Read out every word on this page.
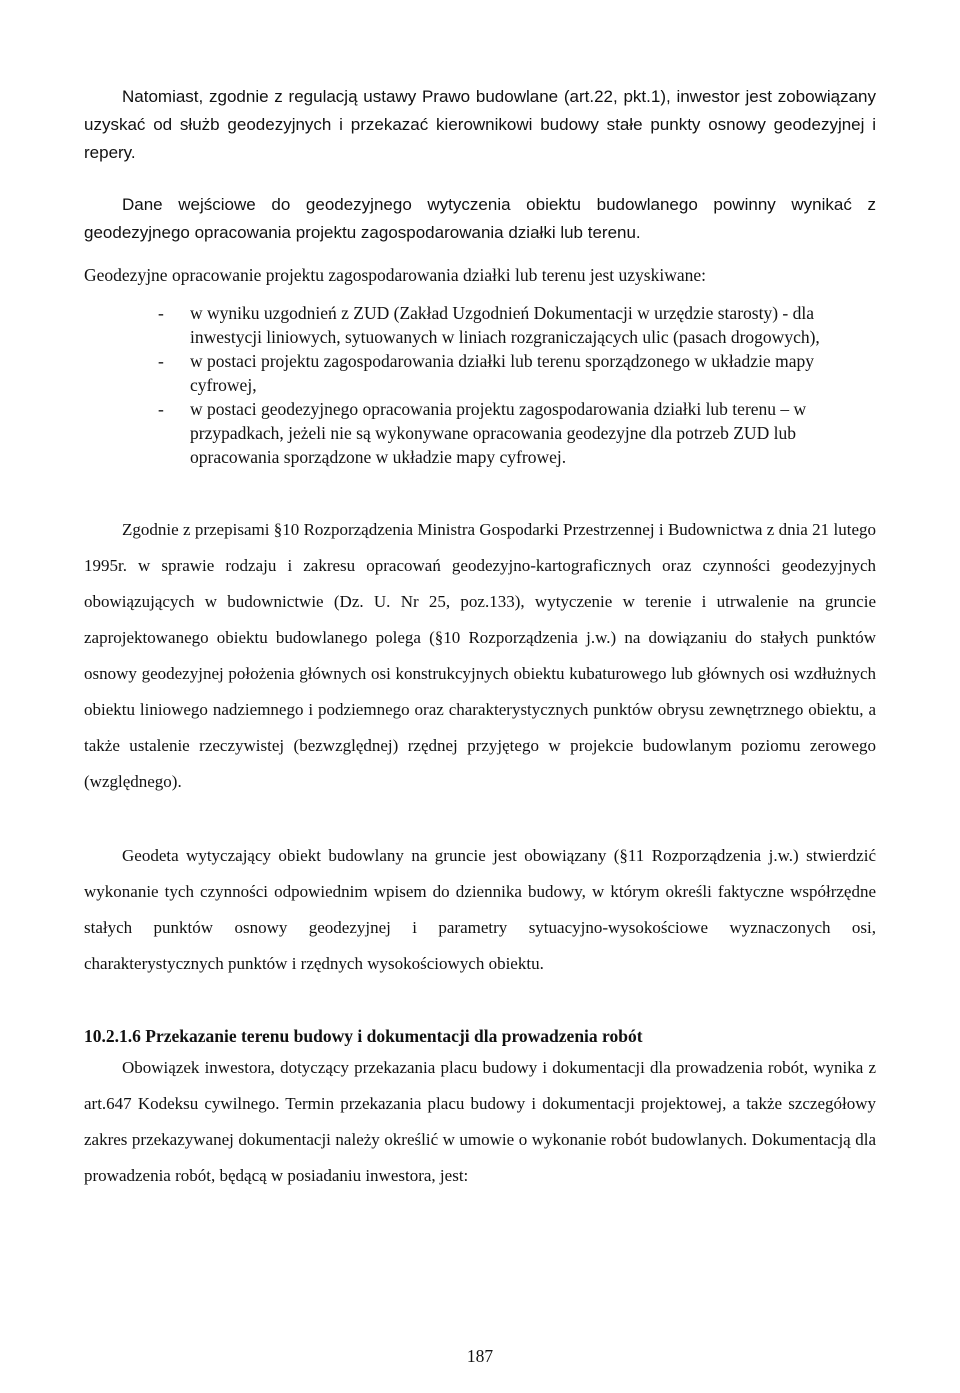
Natomiast, zgodnie z regulacją ustawy Prawo budowlane (art.22, pkt.1), inwestor jest zobowiązany uzyskać od służb geodezyjnych i przekazać kierownikowi budowy stałe punkty osnowy geodezyjnej i repery.

Dane wejściowe do geodezyjnego wytyczenia obiektu budowlanego powinny wynikać z geodezyjnego opracowania projektu zagospodarowania działki lub terenu.

Geodezyjne opracowanie projektu zagospodarowania działki lub terenu jest uzyskiwane:

- w wyniku uzgodnień z ZUD (Zakład Uzgodnień Dokumentacji w urzędzie starosty) - dla inwestycji liniowych, sytuowanych w liniach rozgraniczających ulic (pasach drogowych),
- w postaci projektu zagospodarowania działki lub terenu sporządzonego w układzie mapy cyfrowej,
- w postaci geodezyjnego opracowania projektu zagospodarowania działki lub terenu – w przypadkach, jeżeli nie są wykonywane opracowania geodezyjne dla potrzeb ZUD lub opracowania sporządzone w układzie mapy cyfrowej.

Zgodnie z przepisami §10 Rozporządzenia Ministra Gospodarki Przestrzennej i Budownictwa z dnia 21 lutego 1995r. w sprawie rodzaju i zakresu opracowań geodezyjno-kartograficznych oraz czynności geodezyjnych obowiązujących w budownictwie (Dz. U. Nr 25, poz.133), wytyczenie w terenie i utrwalenie na gruncie zaprojektowanego obiektu budowlanego polega (§10 Rozporządzenia j.w.) na dowiązaniu do stałych punktów osnowy geodezyjnej położenia głównych osi konstrukcyjnych obiektu kubaturowego lub głównych osi wzdłużnych obiektu liniowego nadziemnego i podziemnego oraz charakterystycznych punktów obrysu zewnętrznego obiektu, a także ustalenie rzeczywistej (bezwzględnej) rzędnej przyjętego w projekcie budowlanym poziomu zerowego (względnego).

Geodeta wytyczający obiekt budowlany na gruncie jest obowiązany (§11 Rozporządzenia j.w.) stwierdzić wykonanie tych czynności odpowiednim wpisem do dziennika budowy, w którym określi faktyczne współrzędne stałych punktów osnowy geodezyjnej i parametry sytuacyjno-wysokościowe wyznaczonych osi, charakterystycznych punktów i rzędnych wysokościowych obiektu.

10.2.1.6 Przekazanie terenu budowy i dokumentacji dla prowadzenia robót

Obowiązek inwestora, dotyczący przekazania placu budowy i dokumentacji dla prowadzenia robót, wynika z art.647 Kodeksu cywilnego. Termin przekazania placu budowy i dokumentacji projektowej, a także szczegółowy zakres przekazywanej dokumentacji należy określić w umowie o wykonanie robót budowlanych. Dokumentacją dla prowadzenia robót, będącą w posiadaniu inwestora, jest:

187
